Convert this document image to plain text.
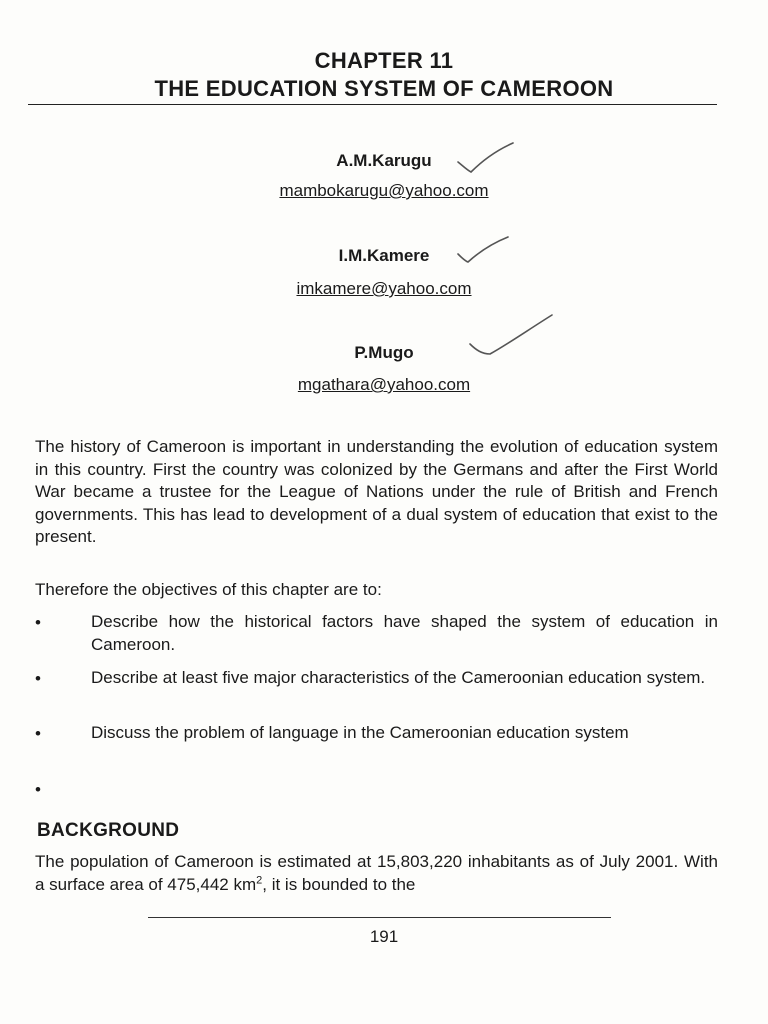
CHAPTER 11
THE EDUCATION SYSTEM OF CAMEROON
A.M.Karugu
mambokarugu@yahoo.com
I.M.Kamere
imkamere@yahoo.com
P.Mugo
mgathara@yahoo.com
The history of Cameroon is important in understanding the evolution of education system in this country. First the country was colonized by the Germans and after the First World War became a trustee for the League of Nations under the rule of British and French governments. This has lead to development of a dual system of education that exist to the present.
Therefore the objectives of this chapter are to:
•	Describe how the historical factors have shaped the system of education in Cameroon.
•	Describe at least five major characteristics of the Cameroonian education system.
•	Discuss the problem of language in the Cameroonian education system
•
BACKGROUND
The population of Cameroon is estimated at 15,803,220 inhabitants as of July 2001. With a surface area of 475,442 $km^2$, it is bounded to the
191
